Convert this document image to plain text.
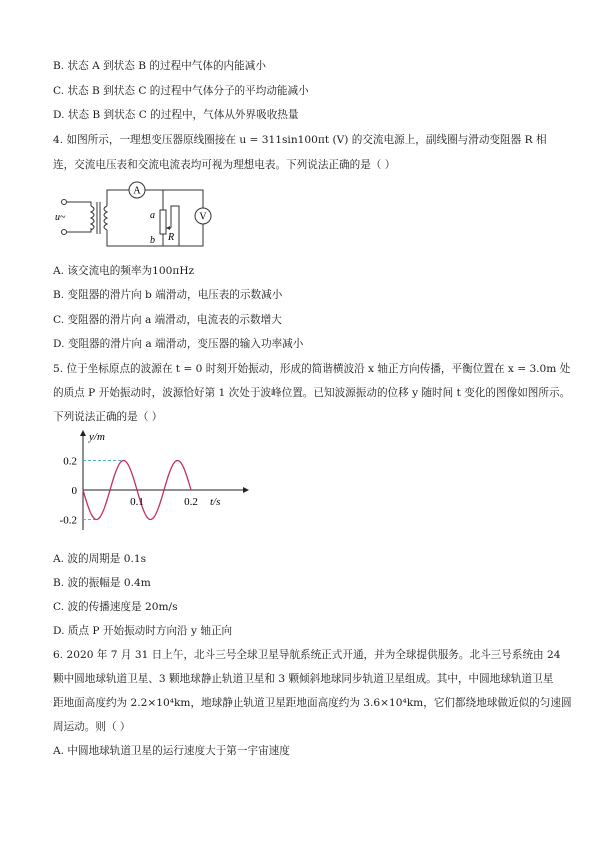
B. 状态 A 到状态 B 的过程中气体的内能减小
C. 状态 B 到状态 C 的过程中气体分子的平均动能减小
D. 状态 B 到状态 C 的过程中，气体从外界吸收热量
4. 如图所示，一理想变压器原线圈接在 u = 311sin100πt (V) 的交流电源上，副线圈与滑动变阻器 R 相
连，交流电压表和交流电流表均可视为理想电表。下列说法正确的是（ ）
A
V
u~	a
b R
A. 该交流电的频率为100πHz
B. 变阻器的滑片向 b 端滑动，电压表的示数减小
C. 变阻器的滑片向 a 端滑动，电流表的示数增大
D. 变阻器的滑片向 a 端滑动，变压器的输入功率减小
5. 位于坐标原点的波源在 t = 0 时刻开始振动，形成的简谐横波沿 x 轴正方向传播，平衡位置在 x = 3.0m 处
的质点 P 开始振动时，波源恰好第 1 次处于波峰位置。已知波源振动的位移 y 随时间 t 变化的图像如图所示。
下列说法正确的是（ ）
0.2
0
-0.2
0.1	0.2
y/m
t/s
A. 波的周期是 0.1s
B. 波的振幅是 0.4m
C. 波的传播速度是 20m/s
D. 质点 P 开始振动时方向沿 y 轴正向
6. 2020 年 7 月 31 日上午，北斗三号全球卫星导航系统正式开通，并为全球提供服务。北斗三号系统由 24
颗中圆地球轨道卫星、3 颗地球静止轨道卫星和 3 颗倾斜地球同步轨道卫星组成。其中，中圆地球轨道卫星
距地面高度约为 2.2×10⁴km，地球静止轨道卫星距地面高度约为 3.6×10⁴km，它们都绕地球做近似的匀速圆
周运动。则（ ）
A. 中圆地球轨道卫星的运行速度大于第一宇宙速度
